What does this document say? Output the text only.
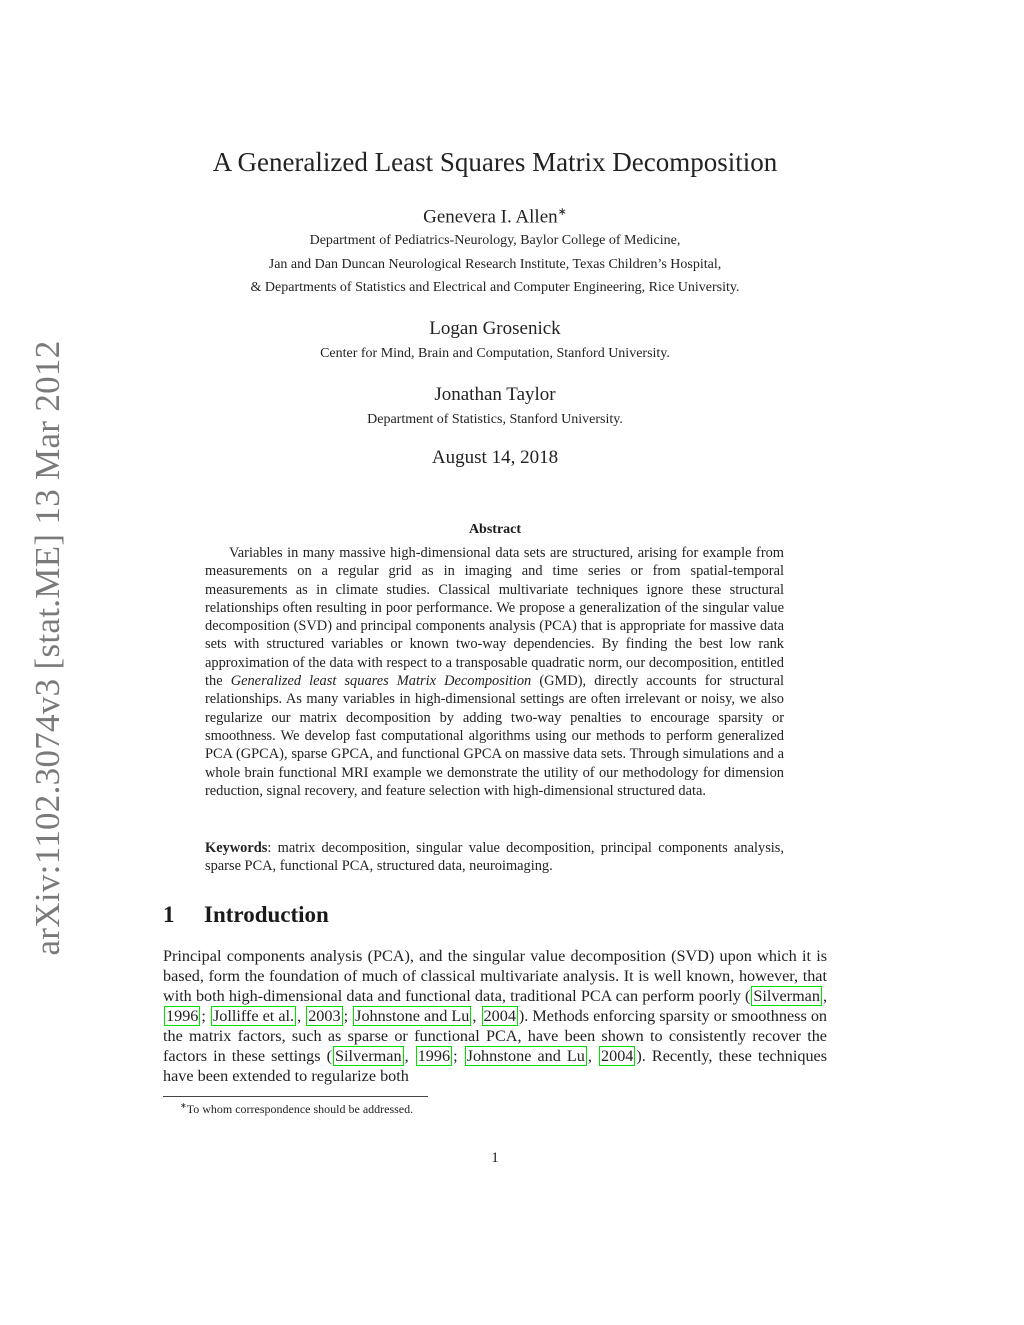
arXiv:1102.3074v3 [stat.ME] 13 Mar 2012
A Generalized Least Squares Matrix Decomposition
Genevera I. Allen∗
Department of Pediatrics-Neurology, Baylor College of Medicine,
Jan and Dan Duncan Neurological Research Institute, Texas Children’s Hospital,
& Departments of Statistics and Electrical and Computer Engineering, Rice University.
Logan Grosenick
Center for Mind, Brain and Computation, Stanford University.
Jonathan Taylor
Department of Statistics, Stanford University.
August 14, 2018
Abstract
Variables in many massive high-dimensional data sets are structured, arising for example from measurements on a regular grid as in imaging and time series or from spatial-temporal measurements as in climate studies. Classical multivariate techniques ignore these structural relationships often resulting in poor performance. We propose a generalization of the singular value decomposition (SVD) and principal components analysis (PCA) that is appropriate for massive data sets with structured variables or known two-way dependencies. By finding the best low rank approximation of the data with respect to a transposable quadratic norm, our decomposition, entitled the Generalized least squares Matrix Decomposition (GMD), directly accounts for structural relationships. As many variables in high-dimensional settings are often irrelevant or noisy, we also regularize our matrix decomposition by adding two-way penalties to encourage sparsity or smoothness. We develop fast computational algorithms using our methods to perform generalized PCA (GPCA), sparse GPCA, and functional GPCA on massive data sets. Through simulations and a whole brain functional MRI example we demonstrate the utility of our methodology for dimension reduction, signal recovery, and feature selection with high-dimensional structured data.
Keywords: matrix decomposition, singular value decomposition, principal components analysis, sparse PCA, functional PCA, structured data, neuroimaging.
1 Introduction
Principal components analysis (PCA), and the singular value decomposition (SVD) upon which it is based, form the foundation of much of classical multivariate analysis. It is well known, however, that with both high-dimensional data and functional data, traditional PCA can perform poorly ( Silverman , 1996 ; Jolliffe et al. , 2003 ; Johnstone and Lu , 2004 ). Methods enforcing sparsity or smoothness on the matrix factors, such as sparse or functional PCA, have been shown to consistently recover the factors in these settings ( Silverman , 1996 ; Johnstone and Lu , 2004 ). Recently, these techniques have been extended to regularize both
∗To whom correspondence should be addressed.
1
